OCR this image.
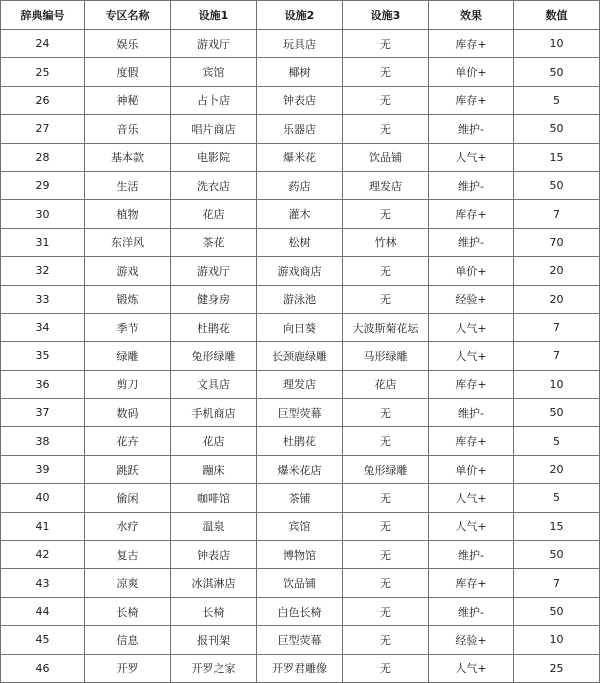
辞典编号	专区名称	设施1	设施2	设施3	效果	数值
24	娱乐	游戏厅	玩具店	无	库存+	10
25	度假	宾馆	椰树	无	单价+	50
26	神秘	占卜店	钟表店	无	库存+	5
27	音乐	唱片商店	乐器店	无	维护-	50
28	基本款	电影院	爆米花	饮品铺	人气+	15
29	生活	洗衣店	药店	理发店	维护-	50
30	植物	花店	灌木	无	库存+	7
31	东洋风	茶花	松树	竹林	维护-	70
32	游戏	游戏厅	游戏商店	无	单价+	20
33	锻炼	健身房	游泳池	无	经验+	20
34	季节	杜鹃花	向日葵	大波斯菊花坛	人气+	7
35	绿雕	兔形绿雕	长颈鹿绿雕	马形绿雕	人气+	7
36	剪刀	文具店	理发店	花店	库存+	10
37	数码	手机商店	巨型荧幕	无	维护-	50
38	花卉	花店	杜鹃花	无	库存+	5
39	跳跃	蹦床	爆米花店	兔形绿雕	单价+	20
40	偷闲	咖啡馆	茶铺	无	人气+	5
41	水疗	温泉	宾馆	无	人气+	15
42	复古	钟表店	博物馆	无	维护-	50
43	凉爽	冰淇淋店	饮品铺	无	库存+	7
44	长椅	长椅	白色长椅	无	维护-	50
45	信息	报刊架	巨型荧幕	无	经验+	10
46	开罗	开罗之家	开罗君雕像	无	人气+	25
